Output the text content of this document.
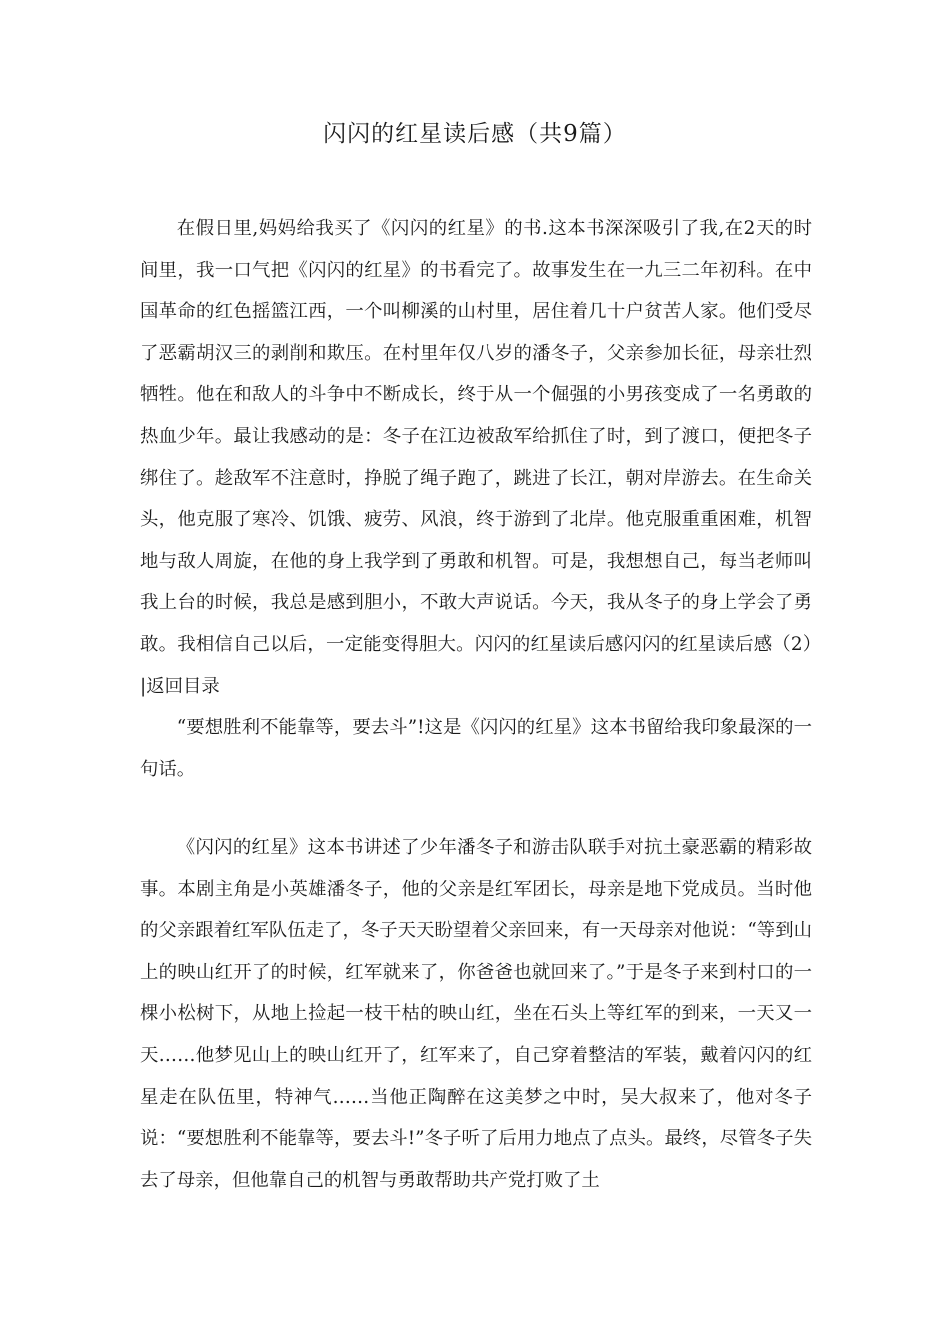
闪闪的红星读后感（共9篇）

在假日里,妈妈给我买了《闪闪的红星》的书.这本书深深吸引了我,在2天的时间里，我一口气把《闪闪的红星》的书看完了。故事发生在一九三二年初科。在中国革命的红色摇篮江西，一个叫柳溪的山村里，居住着几十户贫苦人家。他们受尽了恶霸胡汉三的剥削和欺压。在村里年仅八岁的潘冬子，父亲参加长征，母亲壮烈牺牲。他在和敌人的斗争中不断成长，终于从一个倔强的小男孩变成了一名勇敢的热血少年。最让我感动的是：冬子在江边被敌军给抓住了时，到了渡口，便把冬子绑住了。趁敌军不注意时，挣脱了绳子跑了，跳进了长江，朝对岸游去。在生命关头，他克服了寒冷、饥饿、疲劳、风浪，终于游到了北岸。他克服重重困难，机智地与敌人周旋，在他的身上我学到了勇敢和机智。可是，我想想自己，每当老师叫我上台的时候，我总是感到胆小，不敢大声说话。今天，我从冬子的身上学会了勇敢。我相信自己以后，一定能变得胆大。闪闪的红星读后感闪闪的红星读后感（2）|返回目录

“要想胜利不能靠等，要去斗”!这是《闪闪的红星》这本书留给我印象最深的一句话。

《闪闪的红星》这本书讲述了少年潘冬子和游击队联手对抗土豪恶霸的精彩故事。本剧主角是小英雄潘冬子，他的父亲是红军团长，母亲是地下党成员。当时他的父亲跟着红军队伍走了，冬子天天盼望着父亲回来，有一天母亲对他说：“等到山上的映山红开了的时候，红军就来了，你爸爸也就回来了。”于是冬子来到村口的一棵小松树下，从地上捡起一枝干枯的映山红，坐在石头上等红军的到来，一天又一天……他梦见山上的映山红开了，红军来了，自己穿着整洁的军装，戴着闪闪的红星走在队伍里，特神气……当他正陶醉在这美梦之中时，吴大叔来了，他对冬子说：“要想胜利不能靠等，要去斗!”冬子听了后用力地点了点头。最终，尽管冬子失去了母亲，但他靠自己的机智与勇敢帮助共产党打败了土
